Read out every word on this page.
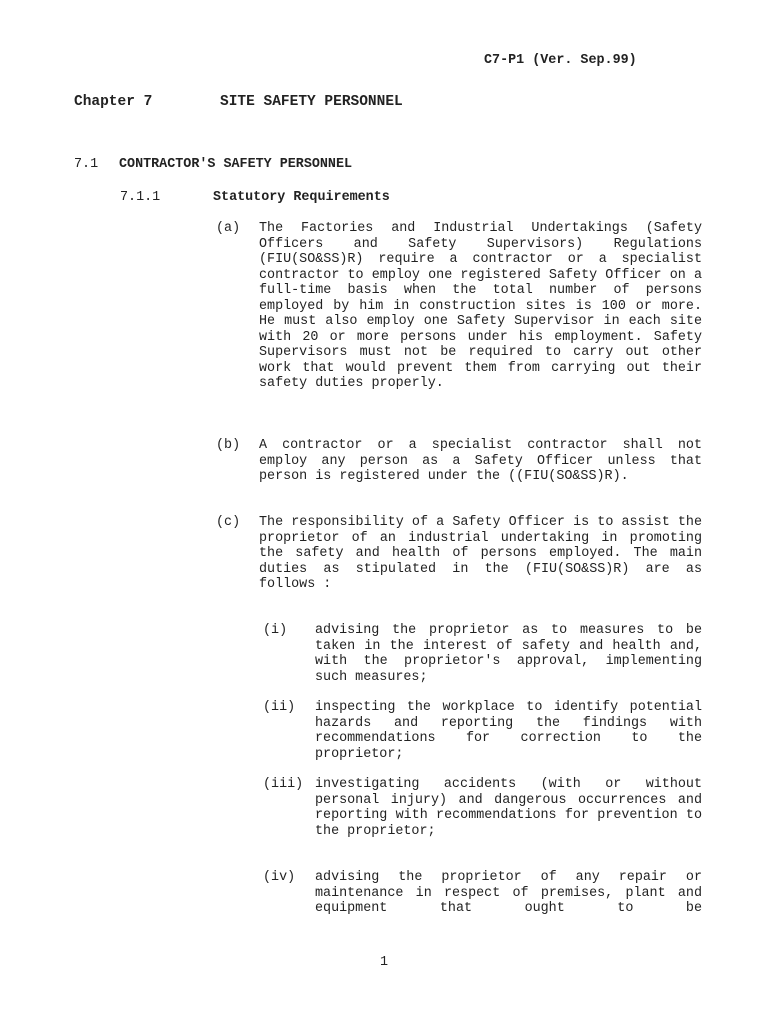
C7-P1 (Ver. Sep.99)
Chapter 7	SITE SAFETY PERSONNEL
7.1 CONTRACTOR'S SAFETY PERSONNEL
7.1.1	Statutory Requirements
(a) The Factories and Industrial Undertakings (Safety Officers and Safety Supervisors) Regulations (FIU(SO&SS)R) require a contractor or a specialist contractor to employ one registered Safety Officer on a full-time basis when the total number of persons employed by him in construction sites is 100 or more. He must also employ one Safety Supervisor in each site with 20 or more persons under his employment. Safety Supervisors must not be required to carry out other work that would prevent them from carrying out their safety duties properly.
(b) A contractor or a specialist contractor shall not employ any person as a Safety Officer unless that person is registered under the ((FIU(SO&SS)R).
(c) The responsibility of a Safety Officer is to assist the proprietor of an industrial undertaking in promoting the safety and health of persons employed. The main duties as stipulated in the (FIU(SO&SS)R) are as follows :
(i) advising the proprietor as to measures to be taken in the interest of safety and health and, with the proprietor's approval, implementing such measures;
(ii) inspecting the workplace to identify potential hazards and reporting the findings with recommendations for correction to the proprietor;
(iii) investigating accidents (with or without personal injury) and dangerous occurrences and reporting with recommendations for prevention to the proprietor;
(iv) advising the proprietor of any repair or maintenance in respect of premises, plant and equipment that ought to be
1
